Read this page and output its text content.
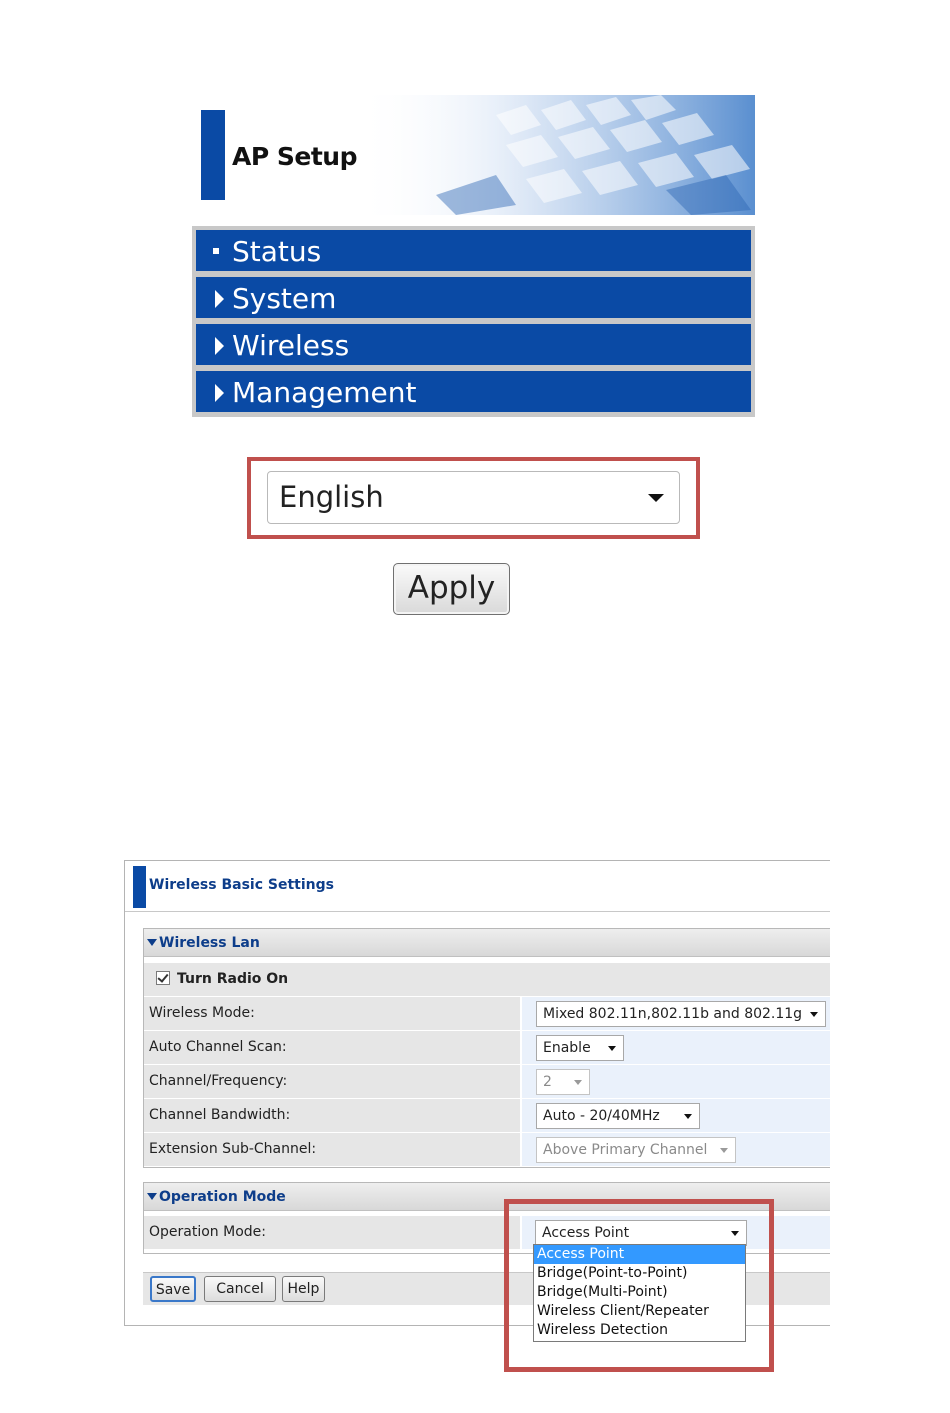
AP Setup
Status
System
Wireless
Management
English
Apply
Wireless Basic Settings
Wireless Lan
Turn Radio On
Wireless Mode:	Mixed 802.11n,802.11b and 802.11g
Auto Channel Scan:	Enable
Channel/Frequency:	2
Channel Bandwidth:	Auto - 20/40MHz
Extension Sub-Channel:	Above Primary Channel
Operation Mode
Operation Mode:	Access Point
Save	Cancel	Help
Access Point
Bridge(Point-to-Point)
Bridge(Multi-Point)
Wireless Client/Repeater
Wireless Detection
